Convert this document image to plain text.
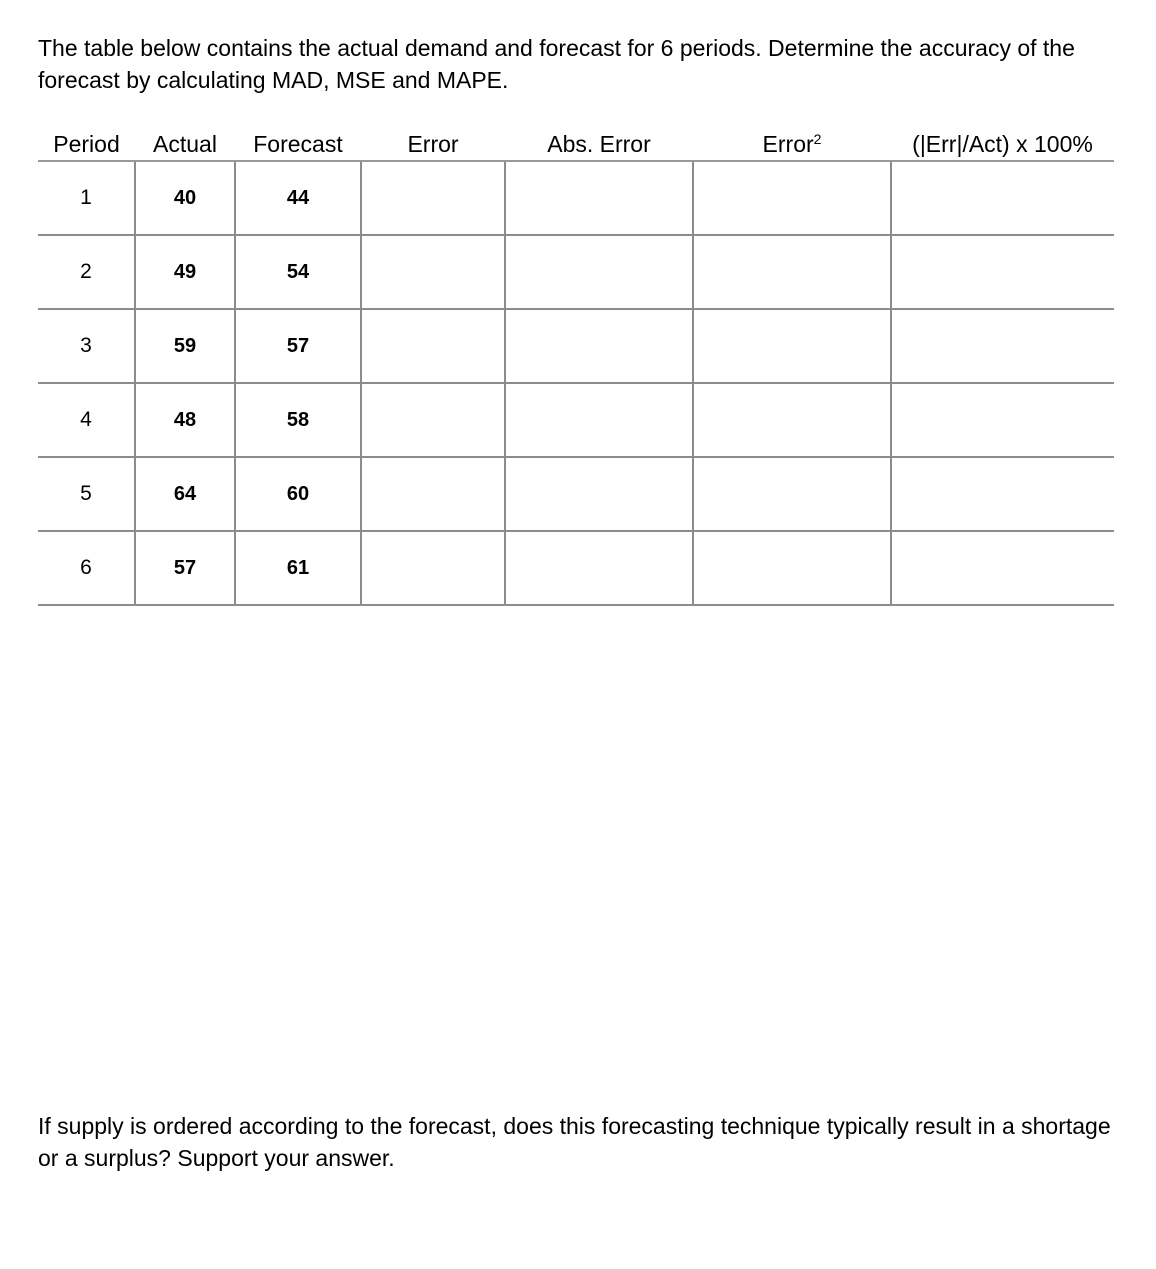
The table below contains the actual demand and forecast for 6 periods. Determine the accuracy of the forecast by calculating MAD, MSE and MAPE.

Period	Actual	Forecast	Error	Abs. Error	Error$^2$	(|Err|/Act) x 100%
1	40	44				
2	49	54				
3	59	57				
4	48	58				
5	64	60				
6	57	61				

If supply is ordered according to the forecast, does this forecasting technique typically result in a shortage or a surplus? Support your answer.
